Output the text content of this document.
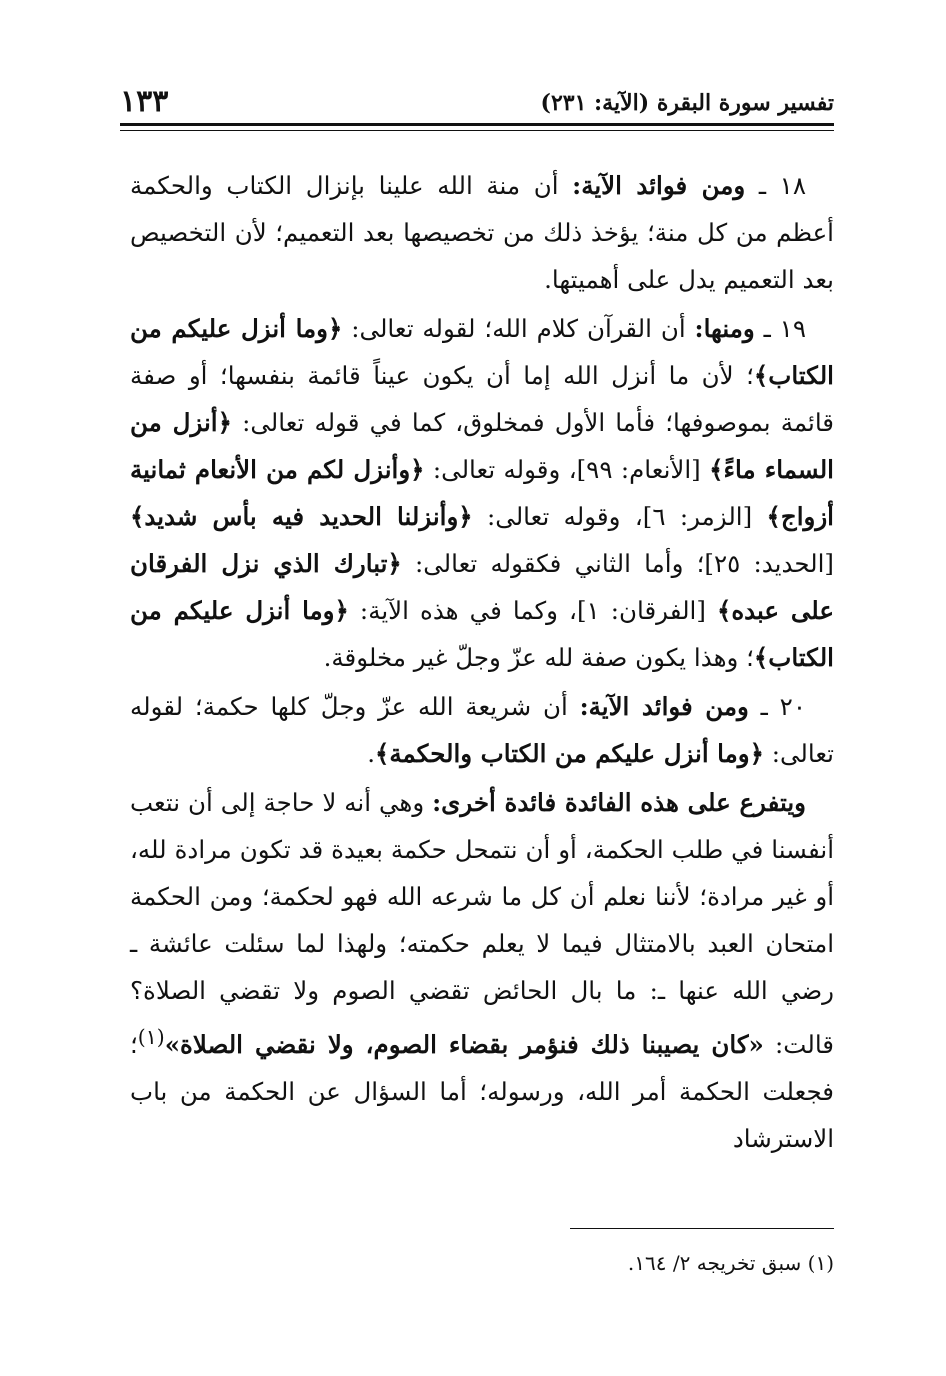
تفسير سورة البقرة (الآية: ٢٣١)
١٣٣

١٨ ـ ومن فوائد الآية: أن منة الله علينا بإنزال الكتاب والحكمة أعظم من كل منة؛ يؤخذ ذلك من تخصيصها بعد التعميم؛ لأن التخصيص بعد التعميم يدل على أهميتها.

١٩ ـ ومنها: أن القرآن كلام الله؛ لقوله تعالى: ﴿وما أنزل عليكم من الكتاب﴾؛ لأن ما أنزل الله إما أن يكون عيناً قائمة بنفسها؛ أو صفة قائمة بموصوفها؛ فأما الأول فمخلوق، كما في قوله تعالى: ﴿أنزل من السماء ماءً﴾ [الأنعام: ٩٩]، وقوله تعالى: ﴿وأنزل لكم من الأنعام ثمانية أزواج﴾ [الزمر: ٦]، وقوله تعالى: ﴿وأنزلنا الحديد فيه بأس شديد﴾ [الحديد: ٢٥]؛ وأما الثاني فكقوله تعالى: ﴿تبارك الذي نزل الفرقان على عبده﴾ [الفرقان: ١]، وكما في هذه الآية: ﴿وما أنزل عليكم من الكتاب﴾؛ وهذا يكون صفة لله عزّ وجلّ غير مخلوقة.

٢٠ ـ ومن فوائد الآية: أن شريعة الله عزّ وجلّ كلها حكمة؛ لقوله تعالى: ﴿وما أنزل عليكم من الكتاب والحكمة﴾.

ويتفرع على هذه الفائدة فائدة أخرى: وهي أنه لا حاجة إلى أن نتعب أنفسنا في طلب الحكمة، أو أن نتمحل حكمة بعيدة قد تكون مرادة لله، أو غير مرادة؛ لأننا نعلم أن كل ما شرعه الله فهو لحكمة؛ ومن الحكمة امتحان العبد بالامتثال فيما لا يعلم حكمته؛ ولهذا لما سئلت عائشة ـ رضي الله عنها ـ: ما بال الحائض تقضي الصوم ولا تقضي الصلاة؟ قالت: «كان يصيبنا ذلك فنؤمر بقضاء الصوم، ولا نقضي الصلاة»$^{(١)}$؛ فجعلت الحكمة أمر الله، ورسوله؛ أما السؤال عن الحكمة من باب الاسترشاد

(١) سبق تخريجه ٢/ ١٦٤.
